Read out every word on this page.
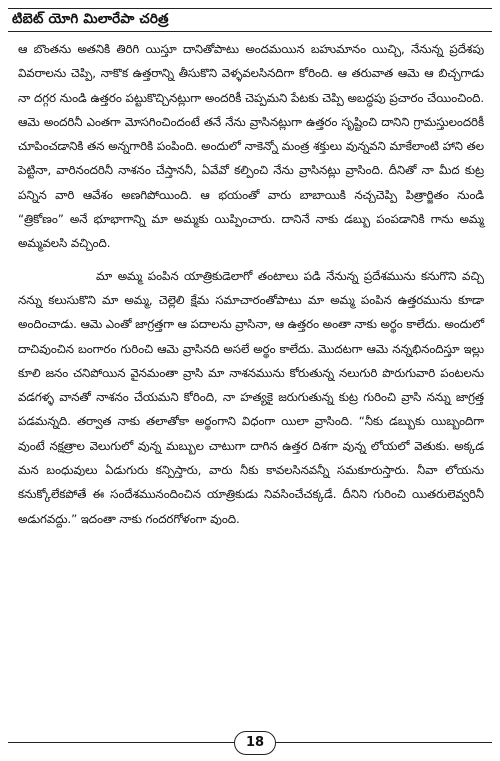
టిబెట్ యోగి మిలారేపా చరిత్ర

ఆ బొంతను అతనికి తిరిగి యిస్తూ దానితోపాటు అందమయిన బహుమానం యిచ్చి, నేనున్న ప్రదేశపు వివరాలను చెప్పి, నాకొక ఉత్తరాన్ని తీసుకొని వెళ్ళవలసినదిగా కోరింది. ఆ తరువాత ఆమె ఆ బిచ్చగాడు నా దగ్గర నుండి ఉత్తరం పట్టుకొచ్చినట్లుగా అందరికీ చెప్పమని పేటకు చెప్పి అబద్ధపు ప్రచారం చేయించింది. ఆమె అందరినీ ఎంతగా మోసగించిందంటే తనే నేను వ్రాసినట్లుగా ఉత్తరం సృష్టించి దానిని గ్రామస్తులందరికీ చూపించడానికి తన అన్నగారికి పంపింది. అందులో నాకెన్నో మంత్ర శక్తులు వున్నవని మాకేలాంటి హాని తల పెట్టినా, వారినందరినీ నాశనం చేస్తాననీ, ఏవేవో కల్పించి నేను వ్రాసినట్లు వ్రాసింది. దీనితో నా మీద కుట్ర పన్నిన వారి ఆవేశం అణగిపోయింది. ఆ భయంతో వారు బాబాయికి నచ్చచెప్పి పిత్రార్జితం నుండి “త్రికోణం” అనే భూభాగాన్ని మా అమ్మకు యిప్పించారు. దానినే నాకు డబ్బు పంపడానికి గాను అమ్మ అమ్మవలసి వచ్చింది.

మా అమ్మ పంపిన యాత్రికుడెలాగో తంటాలు పడి నేనున్న ప్రదేశమును కనుగొని వచ్చి నన్ను కలుసుకొని మా అమ్మ, చెల్లెలి క్షేమ సమాచారంతోపాటు మా అమ్మ పంపిన ఉత్తరమును కూడా అందించాడు. ఆమె ఎంతో జాగ్రత్తగా ఆ పదాలను వ్రాసినా, ఆ ఉత్తరం అంతా నాకు అర్థం కాలేదు. అందులో దాచివుంచిన బంగారం గురించి ఆమె వ్రాసినది అసలే అర్థం కాలేదు. మొదటగా ఆమె నన్నభినందిస్తూ ఇల్లు కూలి జనం చనిపోయిన వైనమంతా వ్రాసి మా నాశనమును కోరుతున్న నలుగురి పొరుగువారి పంటలను వడగళ్ళ వానతో నాశనం చేయమని కోరింది, నా హత్యకై జరుగుతున్న కుట్ర గురించి వ్రాసి నన్ను జాగ్రత్త పడమన్నది. తర్వాత నాకు తలాతోకా అర్థంగాని విధంగా యిలా వ్రాసింది. “నీకు డబ్బుకు యిబ్బందిగా వుంటే నక్షత్రాల వెలుగులో వున్న మబ్బుల చాటుగా దాగిన ఉత్తర దిశగా వున్న లోయలో వెతుకు. అక్కడ మన బంధువులు ఏడుగురు కన్పిస్తారు, వారు నీకు కావలసినవన్నీ సమకూరుస్తారు. నీవా లోయను కనుక్కోలేకపోతే ఈ సందేశమునందించిన యాత్రికుడు నివసించేచక్కడే. దీనిని గురించి యితరులెవ్వరినీ అడుగవద్దు.” ఇదంతా నాకు గందరగోళంగా వుంది.

18
